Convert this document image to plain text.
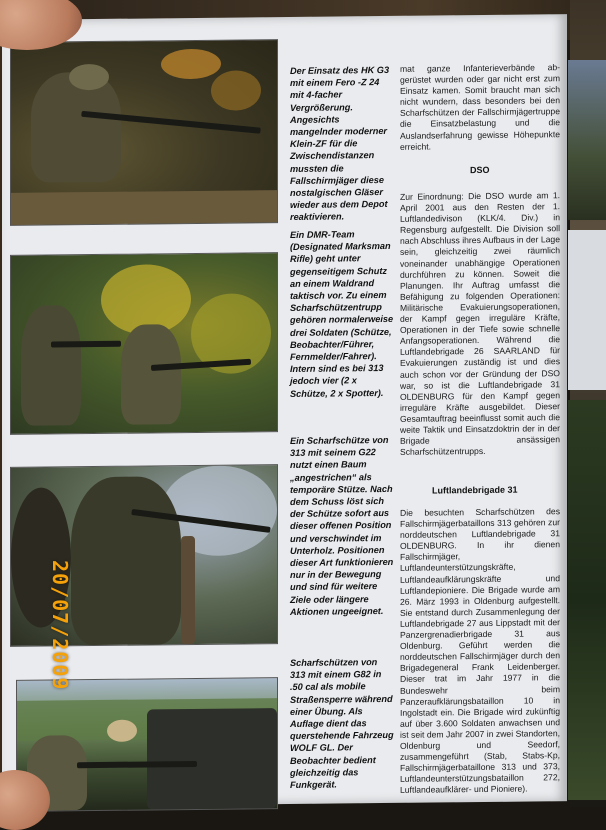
Der Einsatz des HK G3 mit einem Fero -Z 24 mit 4-facher Vergrößerung. Angesichts mangelnder moderner Klein-ZF für die Zwischendistanzen mussten die Fallschirmjäger diese nostalgischen Gläser wieder aus dem Depot reaktivieren.

Ein DMR-Team (Designated Marksman Rifle) geht unter gegenseitigem Schutz an einem Waldrand taktisch vor. Zu einem Scharfschützentrupp gehören normalerweise drei Soldaten (Schütze, Beobachter/Führer, Fernmelder/Fahrer). Intern sind es bei 313 jedoch vier (2 x Schütze, 2 x Spotter).

Ein Scharfschütze von 313 mit seinem G22 nutzt einen Baum „angestrichen“ als temporäre Stütze. Nach dem Schuss löst sich der Schütze sofort aus dieser offenen Position und verschwindet im Unterholz. Positionen dieser Art funktionieren nur in der Bewegung und sind für weitere Ziele oder längere Aktionen ungeeignet.

Scharfschützen von 313 mit einem G82 in .50 cal als mobile Straßensperre während einer Übung. Als Auflage dient das querstehende Fahrzeug WOLF GL. Der Beobachter bedient gleichzeitig das Funkgerät.

mat ganze Infanterieverbände ab-gerüstet wurden oder gar nicht erst zum Einsatz kamen. Somit braucht man sich nicht wundern, dass besonders bei den Scharfschützen der Fallschirmjägertruppe die Einsatzbelastung und die Auslandserfahrung gewisse Höhepunkte erreicht.

DSO

Zur Einordnung: Die DSO wurde am 1. April 2001 aus den Resten der 1. Luftlandedivison (KLK/4. Div.) in Regensburg aufgestellt. Die Division soll nach Abschluss ihres Aufbaus in der Lage sein, gleichzeitig zwei räumlich voneinander unabhängige Operationen durchführen zu können. Soweit die Planungen. Ihr Auftrag umfasst die Befähigung zu folgenden Operationen: Militärische Evakuierungsoperationen, der Kampf gegen irreguläre Kräfte, Operationen in der Tiefe sowie schnelle Anfangsoperationen. Während die Luftlandebrigade 26 SAARLAND für Evakuierungen zuständig ist und dies auch schon vor der Gründung der DSO war, so ist die Luftlandebrigade 31 OLDENBURG für den Kampf gegen irreguläre Kräfte ausgebildet. Dieser Gesamtauftrag beeinflusst somit auch die weite Taktik und Einsatzdoktrin der in der Brigade ansässigen Scharfschützentrupps.

Luftlandebrigade 31

Die besuchten Scharfschützen des Fallschirmjägerbataillons 313 gehören zur norddeutschen Luftlandebrigade 31 OLDENBURG. In ihr dienen Fallschirmjäger, Luftlandeunterstützungskräfte, Luftlandeaufklärungskräfte und Luftlandepioniere. Die Brigade wurde am 26. März 1993 in Oldenburg aufgestellt. Sie entstand durch Zusammenlegung der Luftlandebrigade 27 aus Lippstadt mit der Panzergrenadierbrigade 31 aus Oldenburg. Geführt werden die norddeutschen Fallschirmjäger durch den Brigadegeneral Frank Leidenberger. Dieser trat im Jahr 1977 in die Bundeswehr beim Panzeraufklärungsbataillon 10 in Ingolstadt ein. Die Brigade wird zukünftig auf über 3.600 Soldaten anwachsen und ist seit dem Jahr 2007 in zwei Standorten, Oldenburg und Seedorf, zusammengeführt (Stab, Stabs-Kp, Fallschirmjägerbataillone 313 und 373, Luftlandeunterstützungsbataillon 272, Luftlandeaufklärer- und Pioniere).

20/07/2009
